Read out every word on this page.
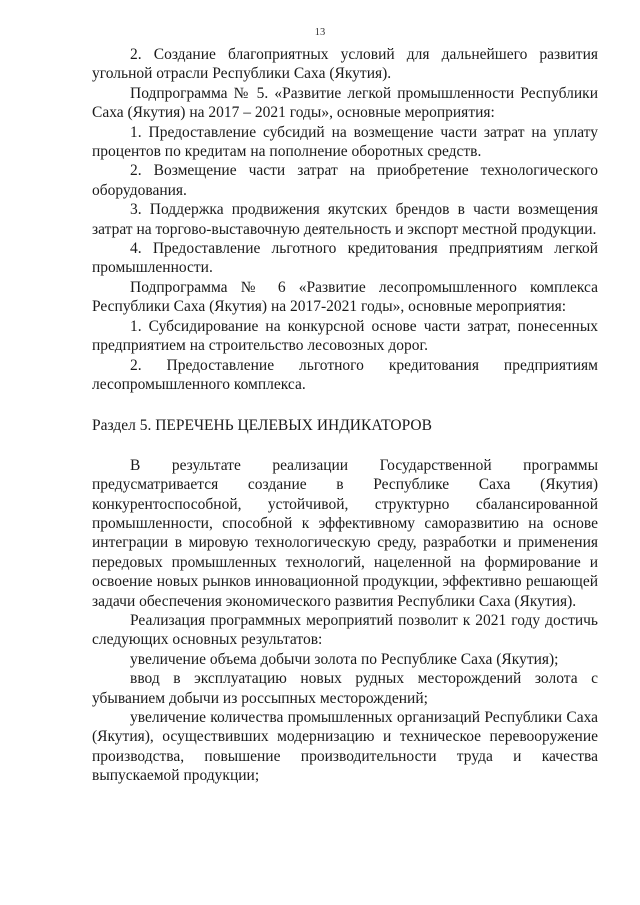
13

2. Создание благоприятных условий для дальнейшего развития угольной отрасли Республики Саха (Якутия).

Подпрограмма № 5. «Развитие легкой промышленности Республики Саха (Якутия) на 2017 – 2021 годы», основные мероприятия:

1. Предоставление субсидий на возмещение части затрат на уплату процентов по кредитам на пополнение оборотных средств.

2. Возмещение части затрат на приобретение технологического оборудования.

3. Поддержка продвижения якутских брендов в части возмещения затрат на торгово-выставочную деятельность и экспорт местной продукции.

4. Предоставление льготного кредитования предприятиям легкой промышленности.

Подпрограмма № 6 «Развитие лесопромышленного комплекса Республики Саха (Якутия) на 2017-2021 годы», основные мероприятия:

1. Субсидирование на конкурсной основе части затрат, понесенных предприятием на строительство лесовозных дорог.

2. Предоставление льготного кредитования предприятиям лесопромышленного комплекса.

Раздел 5. ПЕРЕЧЕНЬ ЦЕЛЕВЫХ ИНДИКАТОРОВ

В результате реализации Государственной программы предусматривается создание в Республике Саха (Якутия) конкурентоспособной, устойчивой, структурно сбалансированной промышленности, способной к эффективному саморазвитию на основе интеграции в мировую технологическую среду, разработки и применения передовых промышленных технологий, нацеленной на формирование и освоение новых рынков инновационной продукции, эффективно решающей задачи обеспечения экономического развития Республики Саха (Якутия).

Реализация программных мероприятий позволит к 2021 году достичь следующих основных результатов:

увеличение объема добычи золота по Республике Саха (Якутия);

ввод в эксплуатацию новых рудных месторождений золота с убыванием добычи из россыпных месторождений;

увеличение количества промышленных организаций Республики Саха (Якутия), осуществивших модернизацию и техническое перевооружение производства, повышение производительности труда и качества выпускаемой продукции;
